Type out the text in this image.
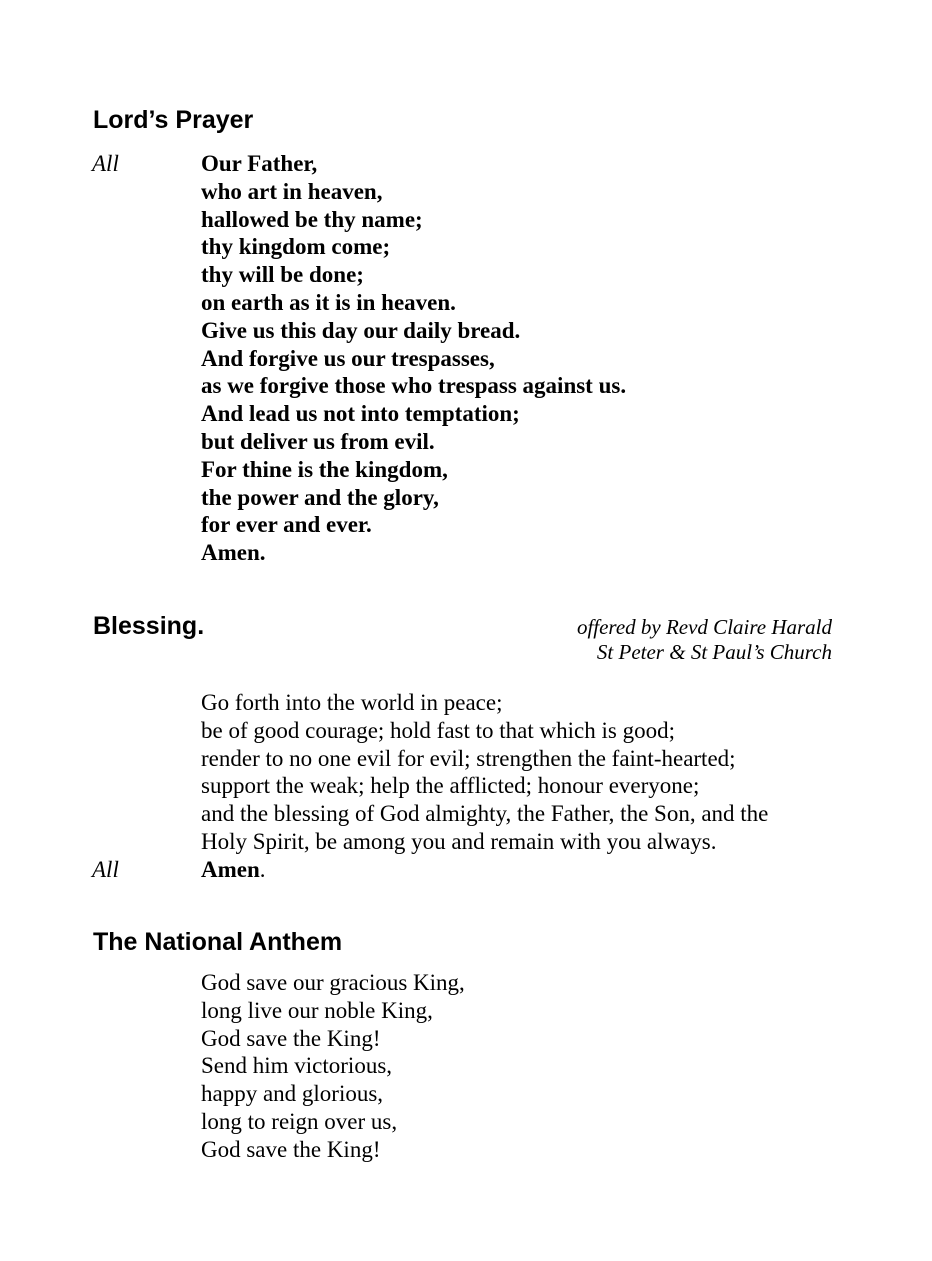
Lord’s Prayer
All	Our Father,
who art in heaven,
hallowed be thy name;
thy kingdom come;
thy will be done;
on earth as it is in heaven.
Give us this day our daily bread.
And forgive us our trespasses,
as we forgive those who trespass against us.
And lead us not into temptation;
but deliver us from evil.
For thine is the kingdom,
the power and the glory,
for ever and ever.
Amen.
Blessing.	offered by Revd Claire Harald
St Peter & St Paul’s Church
Go forth into the world in peace;
be of good courage; hold fast to that which is good;
render to no one evil for evil; strengthen the faint-hearted;
support the weak; help the afflicted; honour everyone;
and the blessing of God almighty, the Father, the Son, and the
Holy Spirit, be among you and remain with you always.
All	Amen.
The National Anthem
God save our gracious King,
long live our noble King,
God save the King!
Send him victorious,
happy and glorious,
long to reign over us,
God save the King!
